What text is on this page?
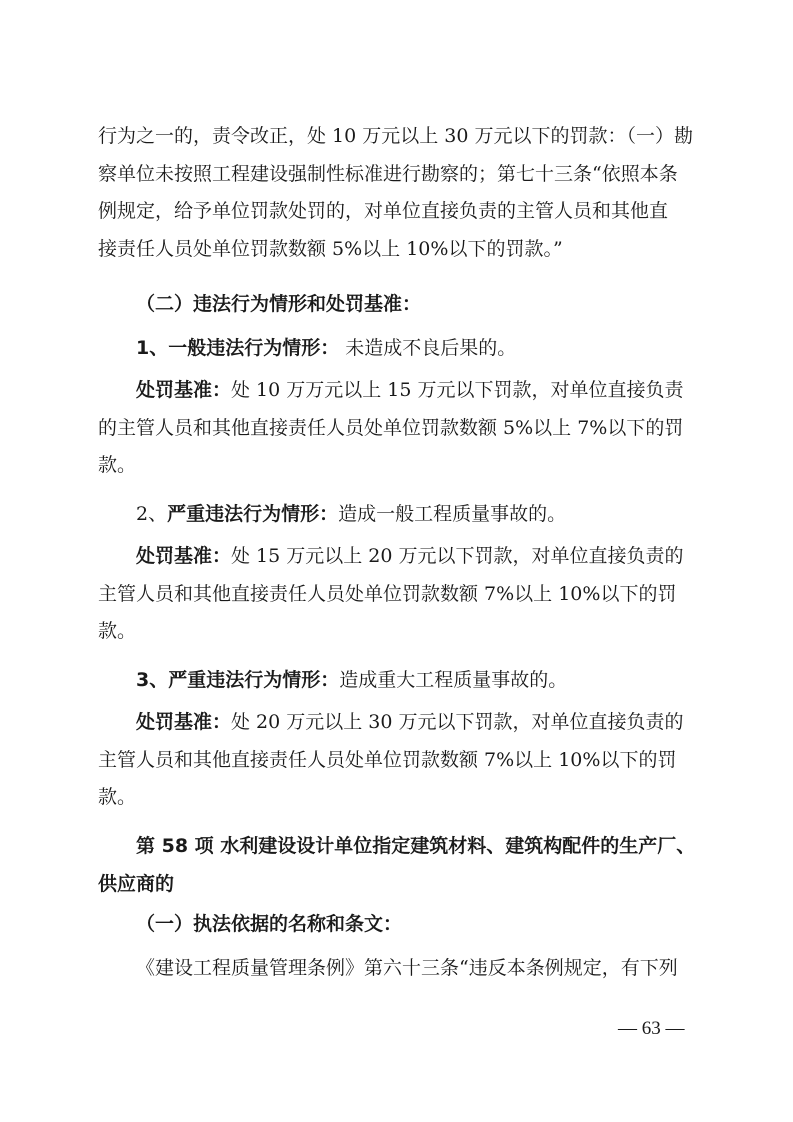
行为之一的，责令改正，处 10 万元以上 30 万元以下的罚款：（一）勘
察单位未按照工程建设强制性标准进行勘察的；第七十三条“依照本条
例规定，给予单位罚款处罚的，对单位直接负责的主管人员和其他直
接责任人员处单位罚款数额 5%以上 10%以下的罚款。”
（二）违法行为情形和处罚基准：
1、一般违法行为情形： 未造成不良后果的。
处罚基准：处 10 万万元以上 15 万元以下罚款，对单位直接负责
的主管人员和其他直接责任人员处单位罚款数额 5%以上 7%以下的罚
款。
2、严重违法行为情形：造成一般工程质量事故的。
处罚基准：处 15 万元以上 20 万元以下罚款，对单位直接负责的
主管人员和其他直接责任人员处单位罚款数额 7%以上 10%以下的罚
款。
3、严重违法行为情形：造成重大工程质量事故的。
处罚基准：处 20 万元以上 30 万元以下罚款，对单位直接负责的
主管人员和其他直接责任人员处单位罚款数额 7%以上 10%以下的罚
款。
第 58 项 水利建设设计单位指定建筑材料、建筑构配件的生产厂、
供应商的
（一）执法依据的名称和条文：
《建设工程质量管理条例》第六十三条“违反本条例规定，有下列
— 63 —
